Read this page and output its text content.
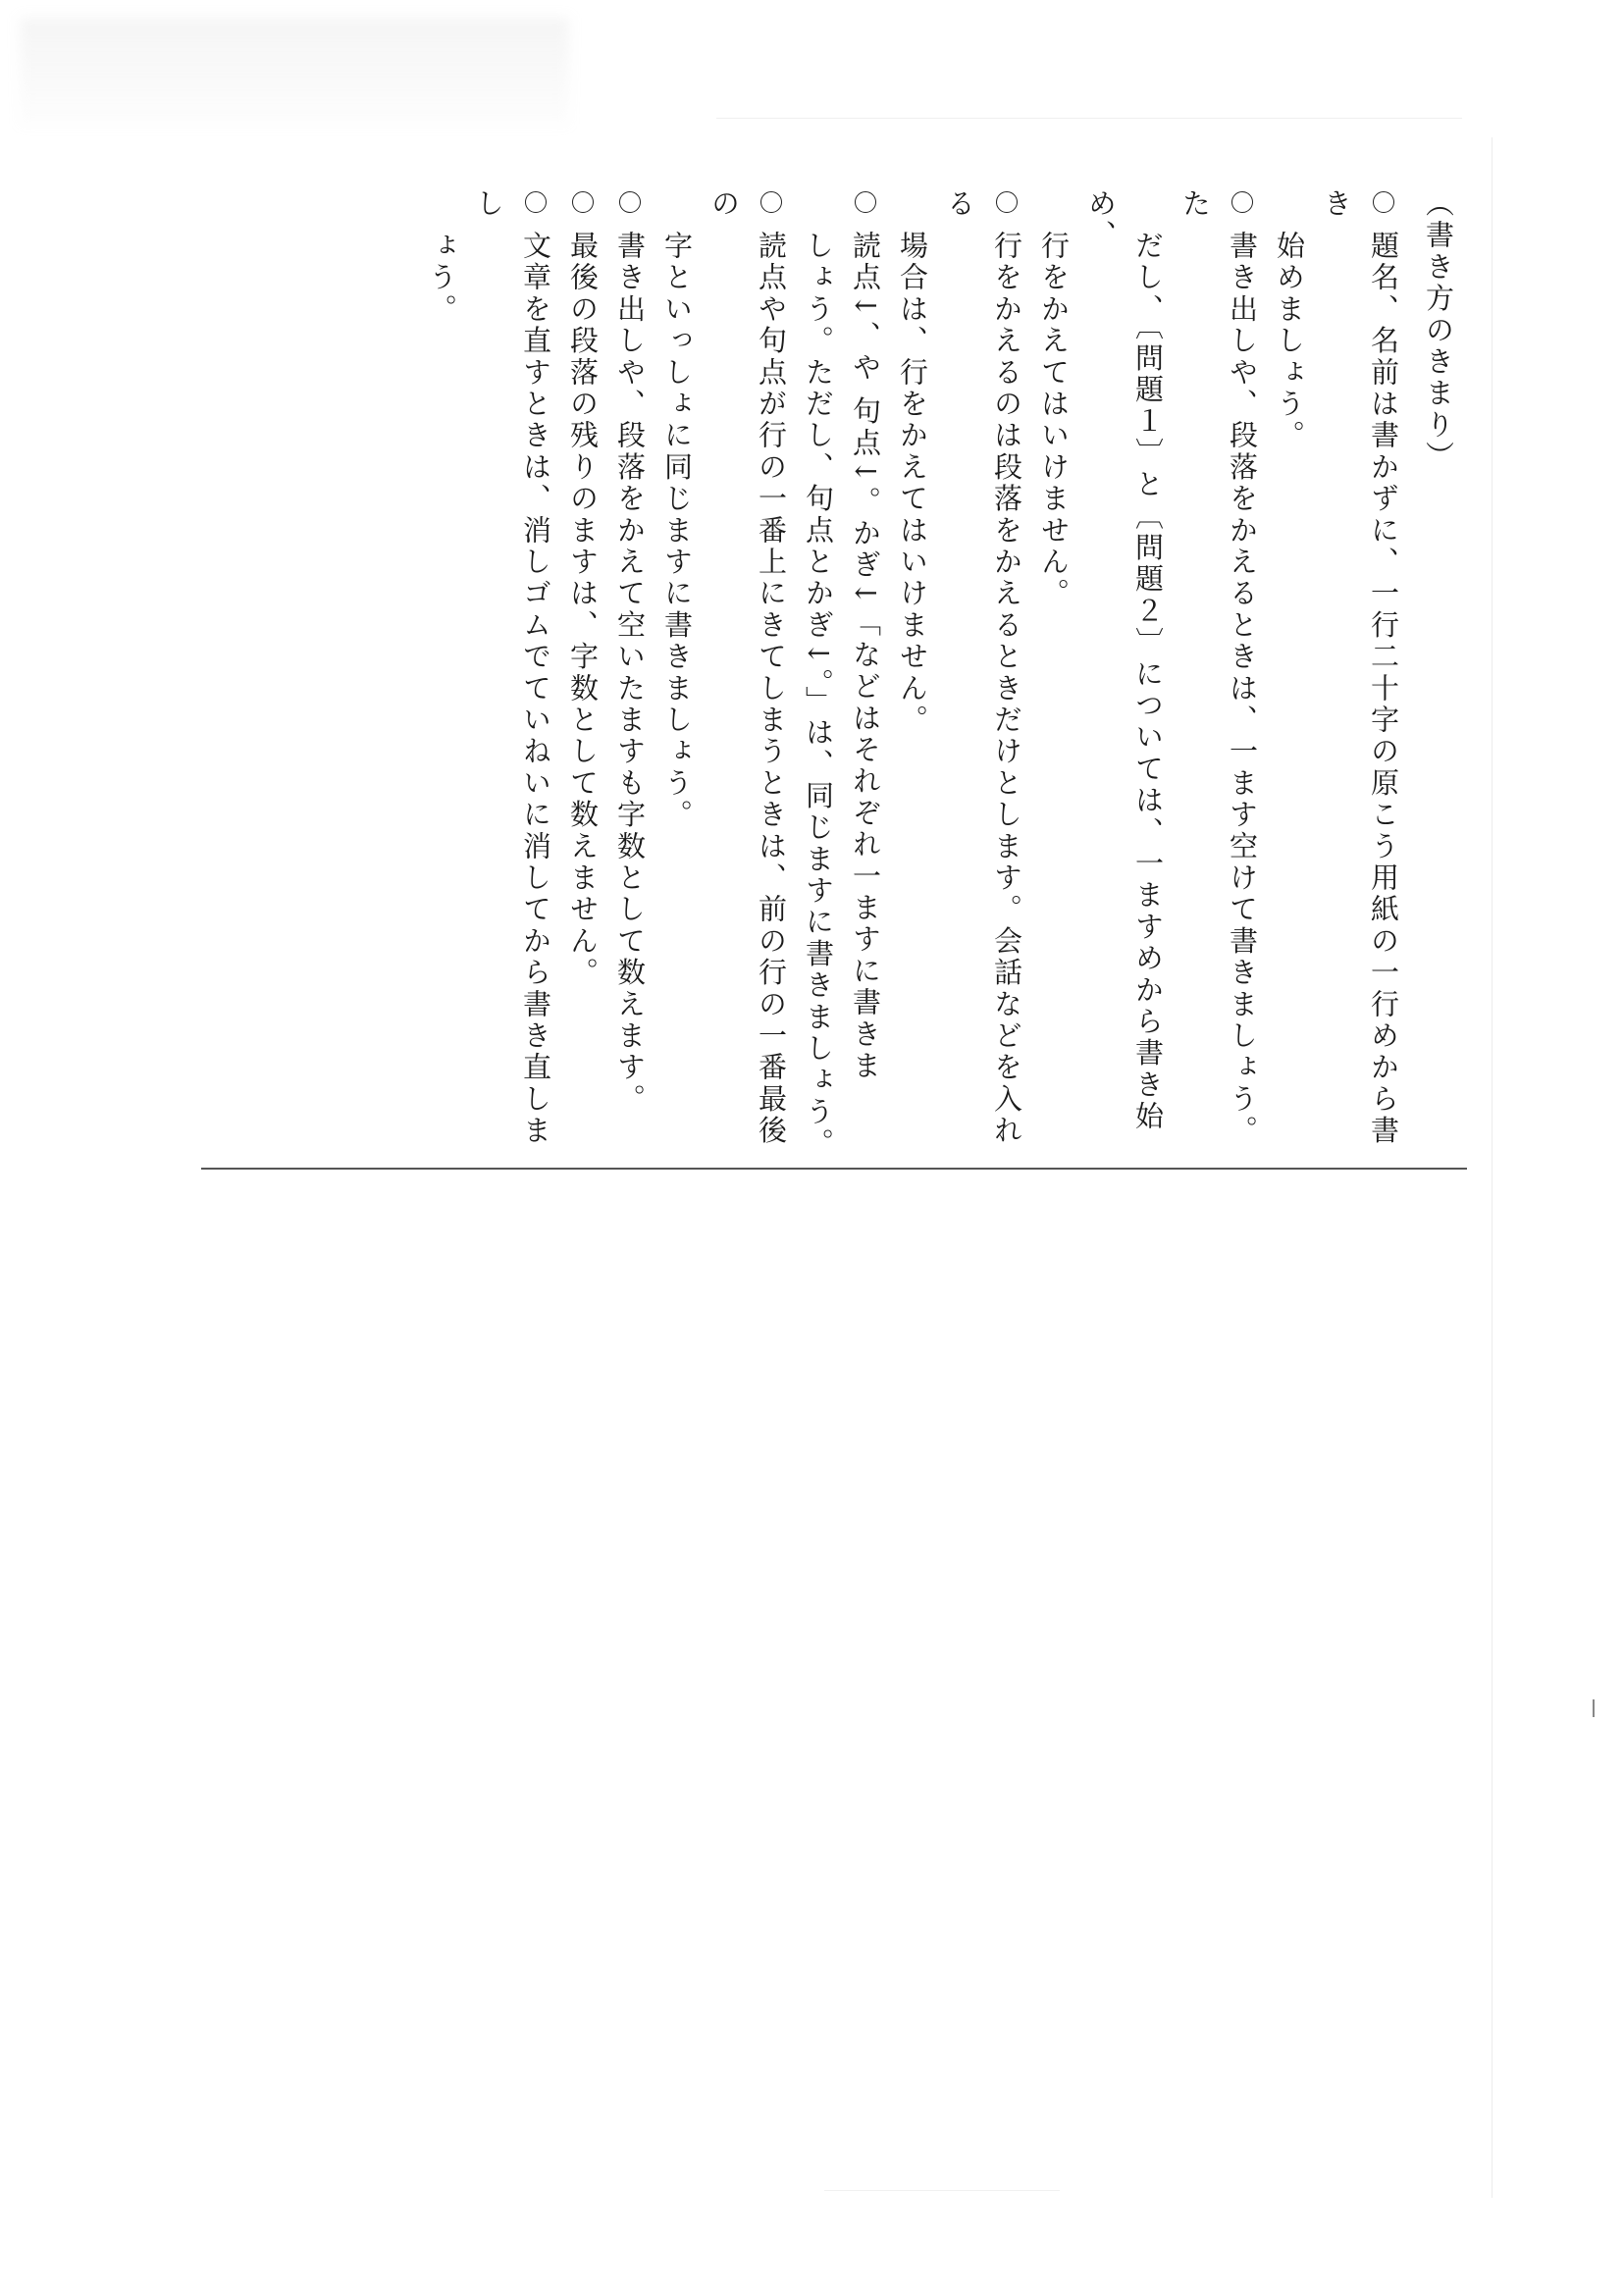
（書き方のきまり）
題名、名前は書かずに、一行二十字の原こう用紙の一行めから書き
始めましょう。
書き出しや、段落をかえるときは、一ます空けて書きましょう。た
だし、〔問題１〕と〔問題２〕については、一ますめから書き始め、
行をかえてはいけません。
行をかえるのは段落をかえるときだけとします。会話などを入れる
場合は、行をかえてはいけません。
読点↓、や 句点↓。かぎ↓「などはそれぞれ一ますに書きま
しょう。ただし、句点とかぎ↓。」は、同じますに書きましょう。
読点や句点が行の一番上にきてしまうときは、前の行の一番最後の
字といっしょに同じますに書きましょう。
書き出しや、段落をかえて空いたますも字数として数えます。
最後の段落の残りのますは、字数として数えません。
文章を直すときは、消しゴムでていねいに消してから書き直しまし
ょう。
